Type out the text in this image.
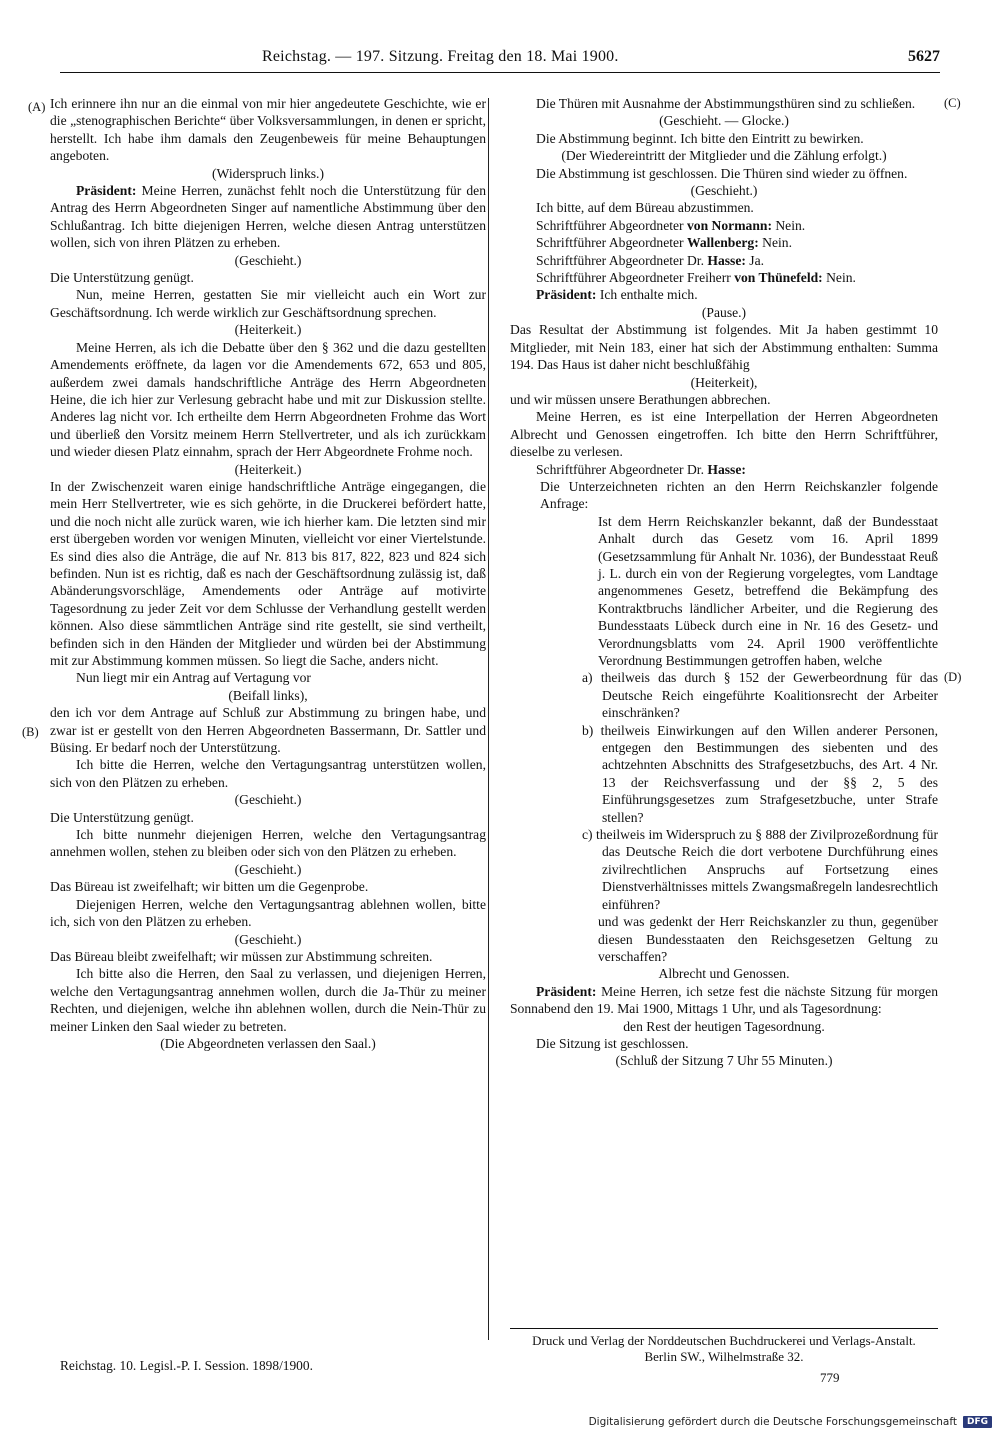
Reichstag. — 197. Sitzung. Freitag den 18. Mai 1900.	5627
(A)
(B)
(C)
(D)

Ich erinnere ihn nur an die einmal von mir hier angedeutete Geschichte, wie er die „stenographischen Berichte“ über Volksversammlungen, in denen er spricht, herstellt. Ich habe ihm damals den Zeugenbeweis für meine Behauptungen angeboten.

(Widerspruch links.)

Präsident: Meine Herren, zunächst fehlt noch die Unterstützung für den Antrag des Herrn Abgeordneten Singer auf namentliche Abstimmung über den Schlußantrag. Ich bitte diejenigen Herren, welche diesen Antrag unterstützen wollen, sich von ihren Plätzen zu erheben.

(Geschieht.)

Die Unterstützung genügt.

Nun, meine Herren, gestatten Sie mir vielleicht auch ein Wort zur Geschäftsordnung. Ich werde wirklich zur Geschäftsordnung sprechen.

(Heiterkeit.)

Meine Herren, als ich die Debatte über den § 362 und die dazu gestellten Amendements eröffnete, da lagen vor die Amendements 672, 653 und 805, außerdem zwei damals handschriftliche Anträge des Herrn Abgeordneten Heine, die ich hier zur Verlesung gebracht habe und mit zur Diskussion stellte. Anderes lag nicht vor. Ich ertheilte dem Herrn Abgeordneten Frohme das Wort und überließ den Vorsitz meinem Herrn Stellvertreter, und als ich zurückkam und wieder diesen Platz einnahm, sprach der Herr Abgeordnete Frohme noch.

(Heiterkeit.)

In der Zwischenzeit waren einige handschriftliche Anträge eingegangen, die mein Herr Stellvertreter, wie es sich gehörte, in die Druckerei befördert hatte, und die noch nicht alle zurück waren, wie ich hierher kam. Die letzten sind mir erst übergeben worden vor wenigen Minuten, vielleicht vor einer Viertelstunde. Es sind dies also die Anträge, die auf Nr. 813 bis 817, 822, 823 und 824 sich befinden. Nun ist es richtig, daß es nach der Geschäftsordnung zulässig ist, daß Abänderungsvorschläge, Amendements oder Anträge auf motivirte Tagesordnung zu jeder Zeit vor dem Schlusse der Verhandlung gestellt werden können. Also diese sämmtlichen Anträge sind rite gestellt, sie sind vertheilt, befinden sich in den Händen der Mitglieder und würden bei der Abstimmung mit zur Abstimmung kommen müssen. So liegt die Sache, anders nicht.

Nun liegt mir ein Antrag auf Vertagung vor

(Beifall links),

den ich vor dem Antrage auf Schluß zur Abstimmung zu bringen habe, und zwar ist er gestellt von den Herren Abgeordneten Bassermann, Dr. Sattler und Büsing. Er bedarf noch der Unterstützung.

Ich bitte die Herren, welche den Vertagungsantrag unterstützen wollen, sich von den Plätzen zu erheben.

(Geschieht.)

Die Unterstützung genügt.

Ich bitte nunmehr diejenigen Herren, welche den Vertagungsantrag annehmen wollen, stehen zu bleiben oder sich von den Plätzen zu erheben.

(Geschieht.)

Das Büreau ist zweifelhaft; wir bitten um die Gegenprobe.

Diejenigen Herren, welche den Vertagungsantrag ablehnen wollen, bitte ich, sich von den Plätzen zu erheben.

(Geschieht.)

Das Büreau bleibt zweifelhaft; wir müssen zur Abstimmung schreiten.

Ich bitte also die Herren, den Saal zu verlassen, und diejenigen Herren, welche den Vertagungsantrag annehmen wollen, durch die Ja-Thür zu meiner Rechten, und diejenigen, welche ihn ablehnen wollen, durch die Nein-Thür zu meiner Linken den Saal wieder zu betreten.

(Die Abgeordneten verlassen den Saal.)

Die Thüren mit Ausnahme der Abstimmungsthüren sind zu schließen.

(Geschieht. — Glocke.)

Die Abstimmung beginnt. Ich bitte den Eintritt zu bewirken.

(Der Wiedereintritt der Mitglieder und die Zählung erfolgt.)

Die Abstimmung ist geschlossen. Die Thüren sind wieder zu öffnen.

(Geschieht.)

Ich bitte, auf dem Büreau abzustimmen.

Schriftführer Abgeordneter von Normann: Nein.

Schriftführer Abgeordneter Wallenberg: Nein.

Schriftführer Abgeordneter Dr. Hasse: Ja.

Schriftführer Abgeordneter Freiherr von Thünefeld: Nein.

Präsident: Ich enthalte mich.

(Pause.)

Das Resultat der Abstimmung ist folgendes. Mit Ja haben gestimmt 10 Mitglieder, mit Nein 183, einer hat sich der Abstimmung enthalten: Summa 194. Das Haus ist daher nicht beschlußfähig

(Heiterkeit),

und wir müssen unsere Berathungen abbrechen.

Meine Herren, es ist eine Interpellation der Herren Abgeordneten Albrecht und Genossen eingetroffen. Ich bitte den Herrn Schriftführer, dieselbe zu verlesen.

Schriftführer Abgeordneter Dr. Hasse:

Die Unterzeichneten richten an den Herrn Reichskanzler folgende Anfrage:

Ist dem Herrn Reichskanzler bekannt, daß der Bundesstaat Anhalt durch das Gesetz vom 16. April 1899 (Gesetzsammlung für Anhalt Nr. 1036), der Bundesstaat Reuß j. L. durch ein von der Regierung vorgelegtes, vom Landtage angenommenes Gesetz, betreffend die Bekämpfung des Kontraktbruchs ländlicher Arbeiter, und die Regierung des Bundesstaats Lübeck durch eine in Nr. 16 des Gesetz- und Verordnungsblatts vom 24. April 1900 veröffentlichte Verordnung Bestimmungen getroffen haben, welche

a) theilweis das durch § 152 der Gewerbeordnung für das Deutsche Reich eingeführte Koalitionsrecht der Arbeiter einschränken?

b) theilweis Einwirkungen auf den Willen anderer Personen, entgegen den Bestimmungen des siebenten und des achtzehnten Abschnitts des Strafgesetzbuchs, des Art. 4 Nr. 13 der Reichsverfassung und der §§ 2, 5 des Einführungsgesetzes zum Strafgesetzbuche, unter Strafe stellen?

c) theilweis im Widerspruch zu § 888 der Zivilprozeßordnung für das Deutsche Reich die dort verbotene Durchführung eines zivilrechtlichen Anspruchs auf Fortsetzung eines Dienstverhältnisses mittels Zwangsmaßregeln landesrechtlich einführen?

und was gedenkt der Herr Reichskanzler zu thun, gegenüber diesen Bundesstaaten den Reichsgesetzen Geltung zu verschaffen?

Albrecht und Genossen.

Präsident: Meine Herren, ich setze fest die nächste Sitzung für morgen Sonnabend den 19. Mai 1900, Mittags 1 Uhr, und als Tagesordnung:

den Rest der heutigen Tagesordnung.

Die Sitzung ist geschlossen.

(Schluß der Sitzung 7 Uhr 55 Minuten.)

Druck und Verlag der Norddeutschen Buchdruckerei und Verlags-Anstalt.
Berlin SW., Wilhelmstraße 32.
Reichstag. 10. Legisl.-P. I. Session. 1898/1900.
779
Digitalisierung gefördert durch die Deutsche Forschungsgemeinschaft	DFG
